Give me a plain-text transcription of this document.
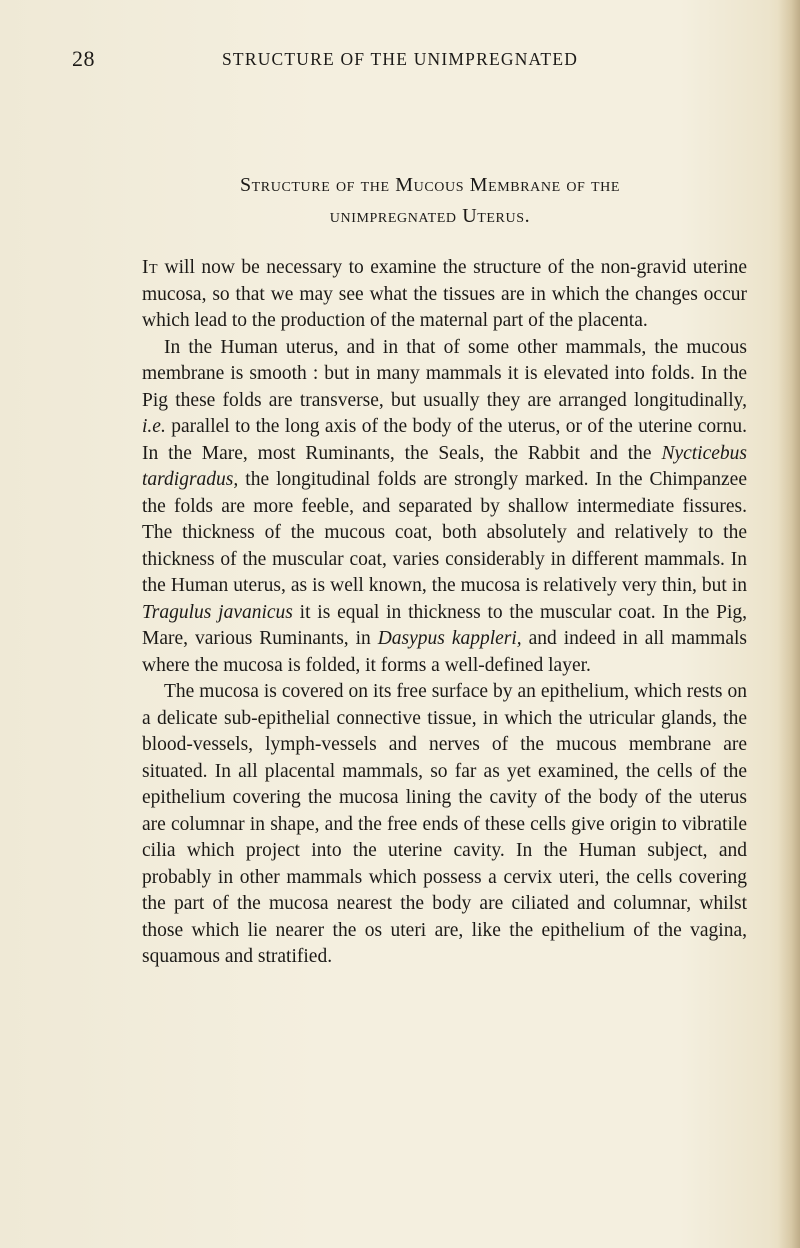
28	STRUCTURE OF THE UNIMPREGNATED
Structure of the Mucous Membrane of the
unimpregnated Uterus.

It will now be necessary to examine the structure of the non-gravid uterine mucosa, so that we may see what the tissues are in which the changes occur which lead to the production of the maternal part of the placenta.

In the Human uterus, and in that of some other mammals, the mucous membrane is smooth : but in many mammals it is elevated into folds. In the Pig these folds are transverse, but usually they are arranged longitudinally, i.e. parallel to the long axis of the body of the uterus, or of the uterine cornu. In the Mare, most Ruminants, the Seals, the Rabbit and the Nycticebus tardigradus, the longitudinal folds are strongly marked. In the Chimpanzee the folds are more feeble, and separated by shallow intermediate fissures. The thickness of the mucous coat, both absolutely and relatively to the thickness of the muscular coat, varies considerably in different mammals. In the Human uterus, as is well known, the mucosa is relatively very thin, but in Tragulus javanicus it is equal in thickness to the muscular coat. In the Pig, Mare, various Ruminants, in Dasypus kappleri, and indeed in all mammals where the mucosa is folded, it forms a well-defined layer.

The mucosa is covered on its free surface by an epithelium, which rests on a delicate sub-epithelial connective tissue, in which the utricular glands, the blood-vessels, lymph-vessels and nerves of the mucous membrane are situated. In all placental mammals, so far as yet examined, the cells of the epithelium covering the mucosa lining the cavity of the body of the uterus are columnar in shape, and the free ends of these cells give origin to vibratile cilia which project into the uterine cavity. In the Human subject, and probably in other mammals which possess a cervix uteri, the cells covering the part of the mucosa nearest the body are ciliated and columnar, whilst those which lie nearer the os uteri are, like the epithelium of the vagina, squamous and stratified.
